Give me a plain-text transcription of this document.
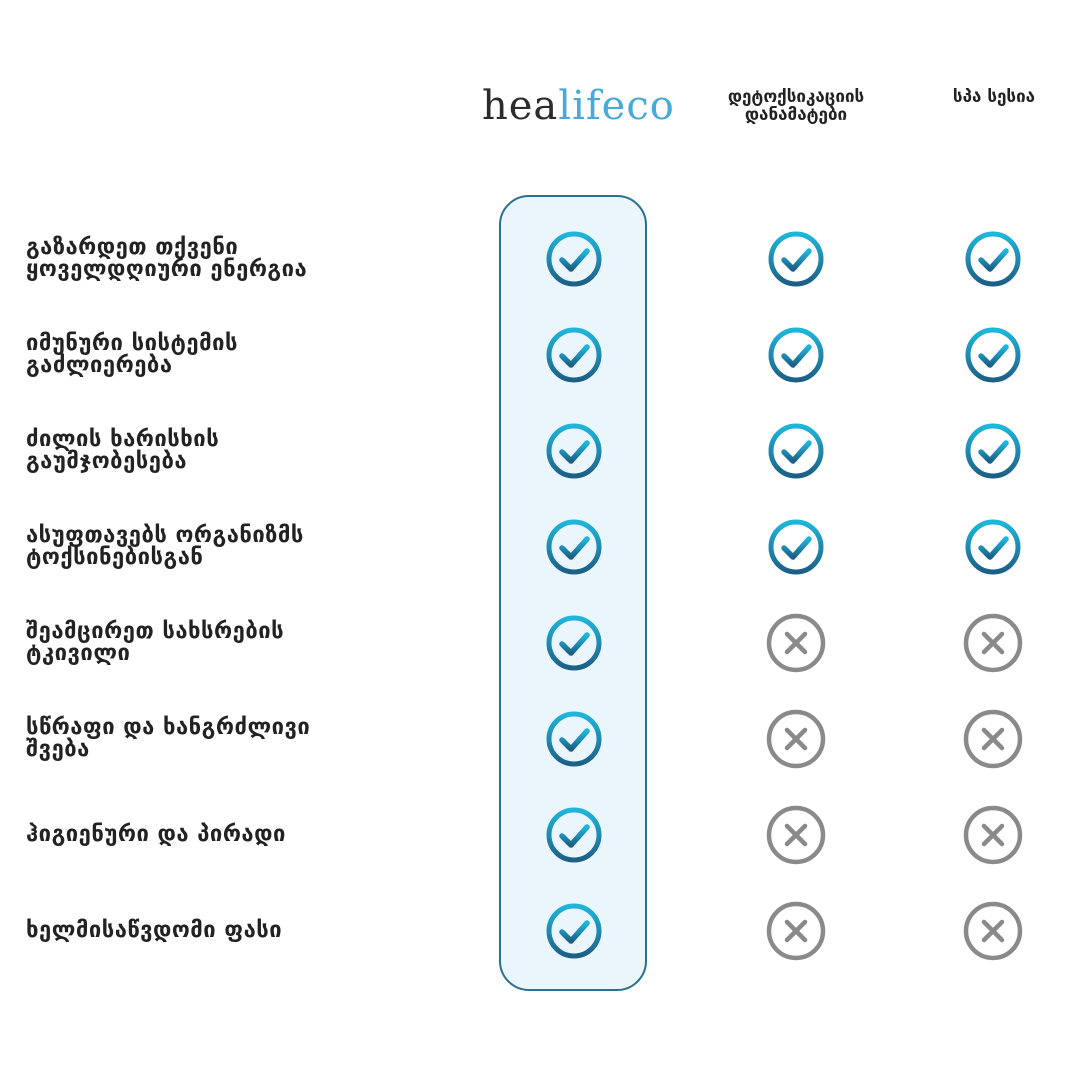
healifeco	დეტოქსიკაციის
დანამატები
სპა სესია
გაზარდეთ თქვენი
ყოველდღიური ენერგია
იმუნური სისტემის
გაძლიერება
ძილის ხარისხის
გაუმჯობესება
ასუფთავებს ორგანიზმს
ტოქსინებისგან
შეამცირეთ სახსრების
ტკივილი
სწრაფი და ხანგრძლივი
შვება
ჰიგიენური და პირადი
ხელმისაწვდომი ფასი
